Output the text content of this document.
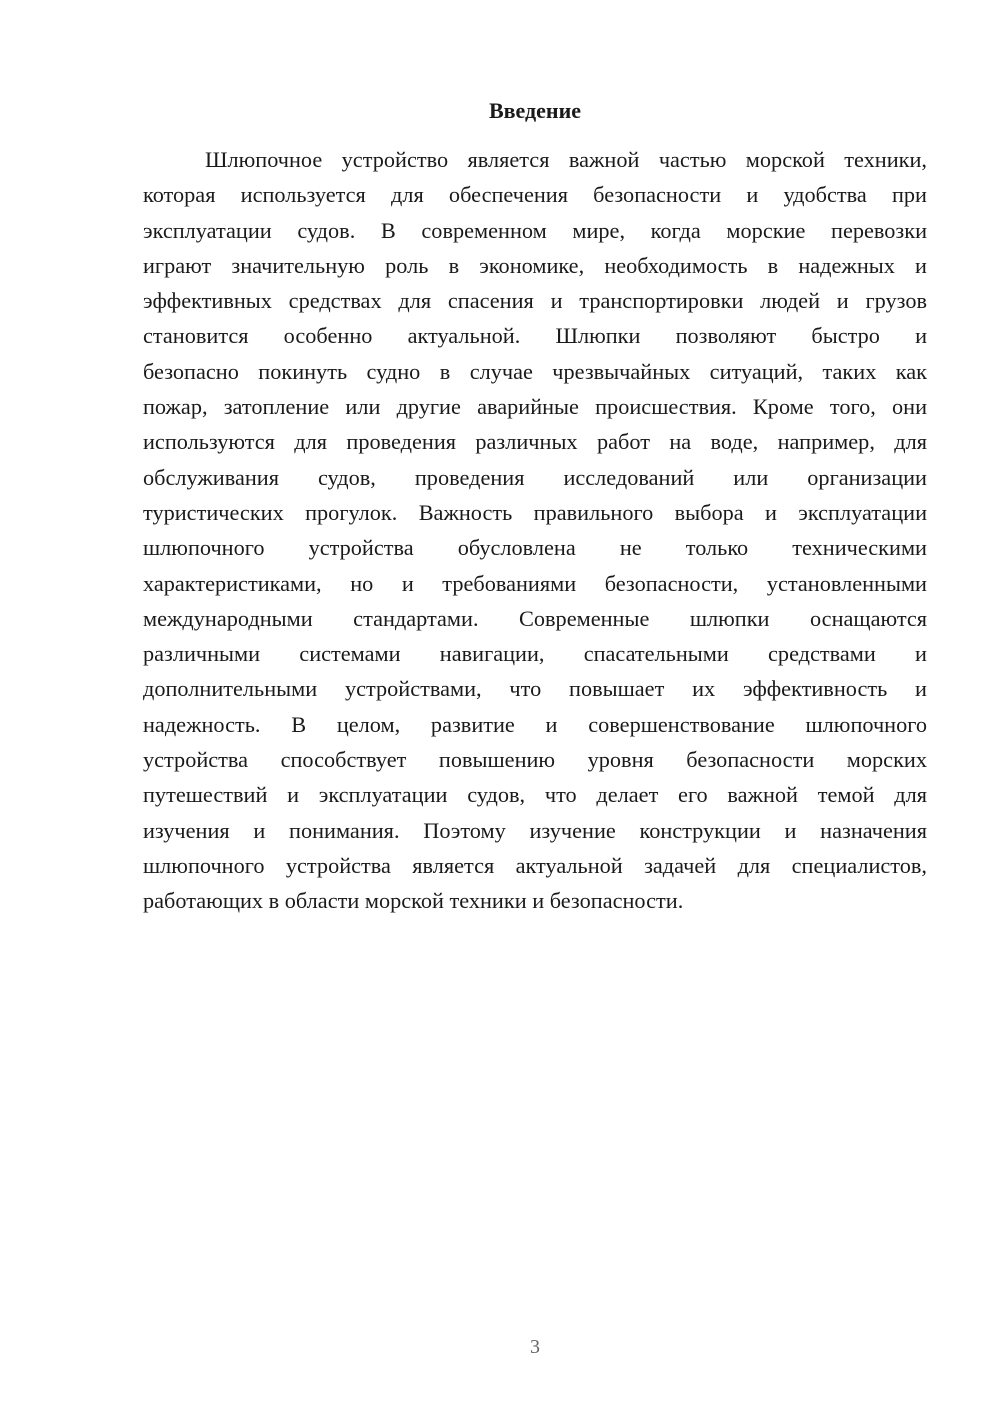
Введение
Шлюпочное устройство является важной частью морской техники,
которая используется для обеспечения безопасности и удобства при
эксплуатации судов. В современном мире, когда морские перевозки
играют значительную роль в экономике, необходимость в надежных и
эффективных средствах для спасения и транспортировки людей и грузов
становится особенно актуальной. Шлюпки позволяют быстро и
безопасно покинуть судно в случае чрезвычайных ситуаций, таких как
пожар, затопление или другие аварийные происшествия. Кроме того, они
используются для проведения различных работ на воде, например, для
обслуживания судов, проведения исследований или организации
туристических прогулок. Важность правильного выбора и эксплуатации
шлюпочного устройства обусловлена не только техническими
характеристиками, но и требованиями безопасности, установленными
международными стандартами. Современные шлюпки оснащаются
различными системами навигации, спасательными средствами и
дополнительными устройствами, что повышает их эффективность и
надежность. В целом, развитие и совершенствование шлюпочного
устройства способствует повышению уровня безопасности морских
путешествий и эксплуатации судов, что делает его важной темой для
изучения и понимания. Поэтому изучение конструкции и назначения
шлюпочного устройства является актуальной задачей для специалистов,
работающих в области морской техники и безопасности.
3
